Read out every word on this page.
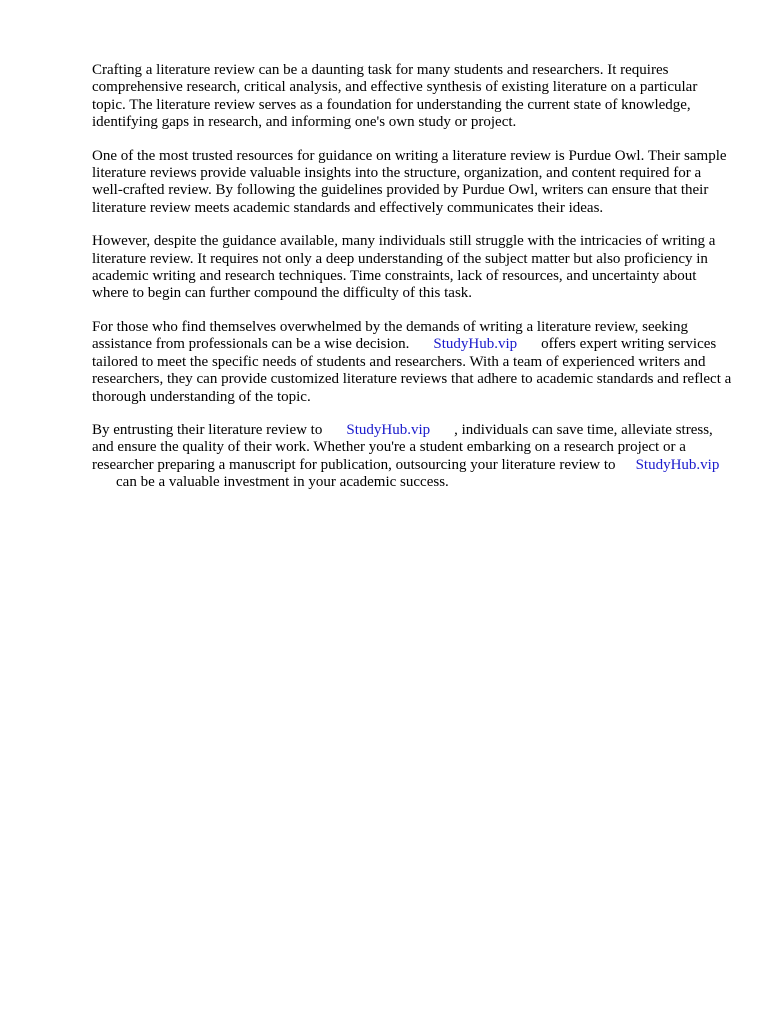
Crafting a literature review can be a daunting task for many students and researchers. It requires comprehensive research, critical analysis, and effective synthesis of existing literature on a particular topic. The literature review serves as a foundation for understanding the current state of knowledge, identifying gaps in research, and informing one's own study or project.

One of the most trusted resources for guidance on writing a literature review is Purdue Owl. Their sample literature reviews provide valuable insights into the structure, organization, and content required for a well-crafted review. By following the guidelines provided by Purdue Owl, writers can ensure that their literature review meets academic standards and effectively communicates their ideas.

However, despite the guidance available, many individuals still struggle with the intricacies of writing a literature review. It requires not only a deep understanding of the subject matter but also proficiency in academic writing and research techniques. Time constraints, lack of resources, and uncertainty about where to begin can further compound the difficulty of this task.

For those who find themselves overwhelmed by the demands of writing a literature review, seeking assistance from professionals can be a wise decision. StudyHub.vip offers expert writing services tailored to meet the specific needs of students and researchers. With a team of experienced writers and researchers, they can provide customized literature reviews that adhere to academic standards and reflect a thorough understanding of the topic.

By entrusting their literature review to StudyHub.vip , individuals can save time, alleviate stress, and ensure the quality of their work. Whether you're a student embarking on a research project or a researcher preparing a manuscript for publication, outsourcing your literature review to StudyHub.vipcan be a valuable investment in your academic success.
